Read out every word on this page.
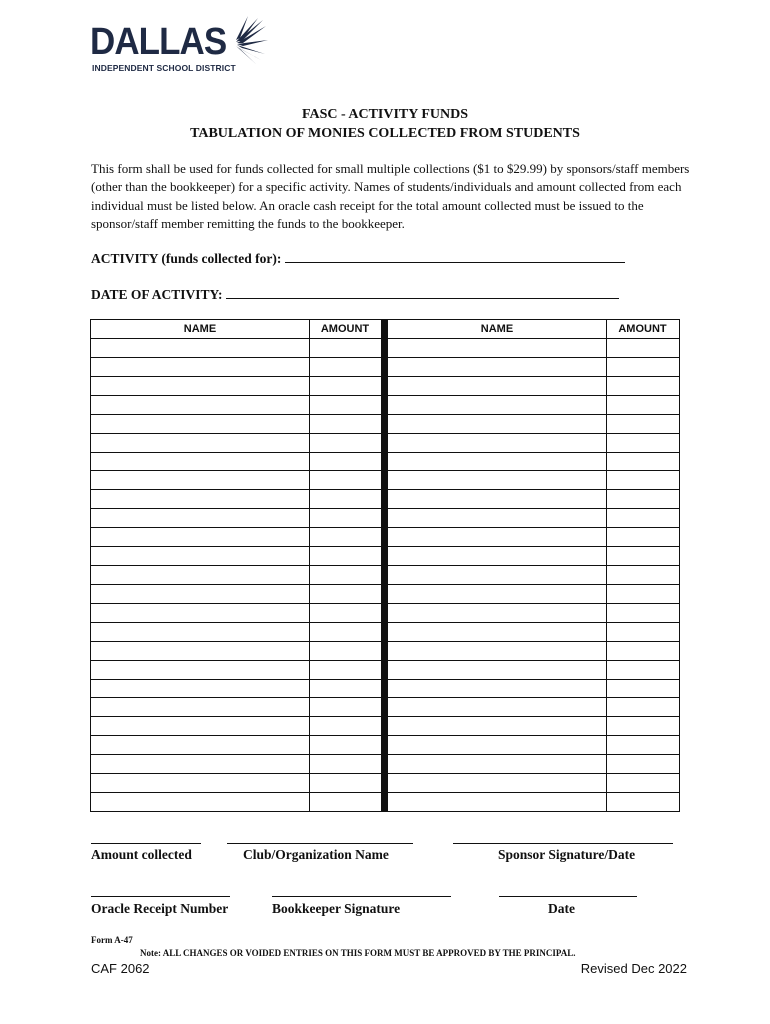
DALLAS
INDEPENDENT SCHOOL DISTRICT
FASC - ACTIVITY FUNDS
TABULATION OF MONIES COLLECTED FROM STUDENTS

This form shall be used for funds collected for small multiple collections ($1 to $29.99) by sponsors/staff members (other than the bookkeeper) for a specific activity. Names of students/individuals and amount collected from each individual must be listed below. An oracle cash receipt for the total amount collected must be issued to the sponsor/staff member remitting the funds to the bookkeeper.

ACTIVITY (funds collected for):
DATE OF ACTIVITY:
NAME	AMOUNT	NAME	AMOUNT
Amount collected	Club/Organization Name	Sponsor Signature/Date
Oracle Receipt Number	Bookkeeper Signature	Date
Form A-47
Note: ALL CHANGES OR VOIDED ENTRIES ON THIS FORM MUST BE APPROVED BY THE PRINCIPAL.
CAF 2062	Revised Dec 2022
